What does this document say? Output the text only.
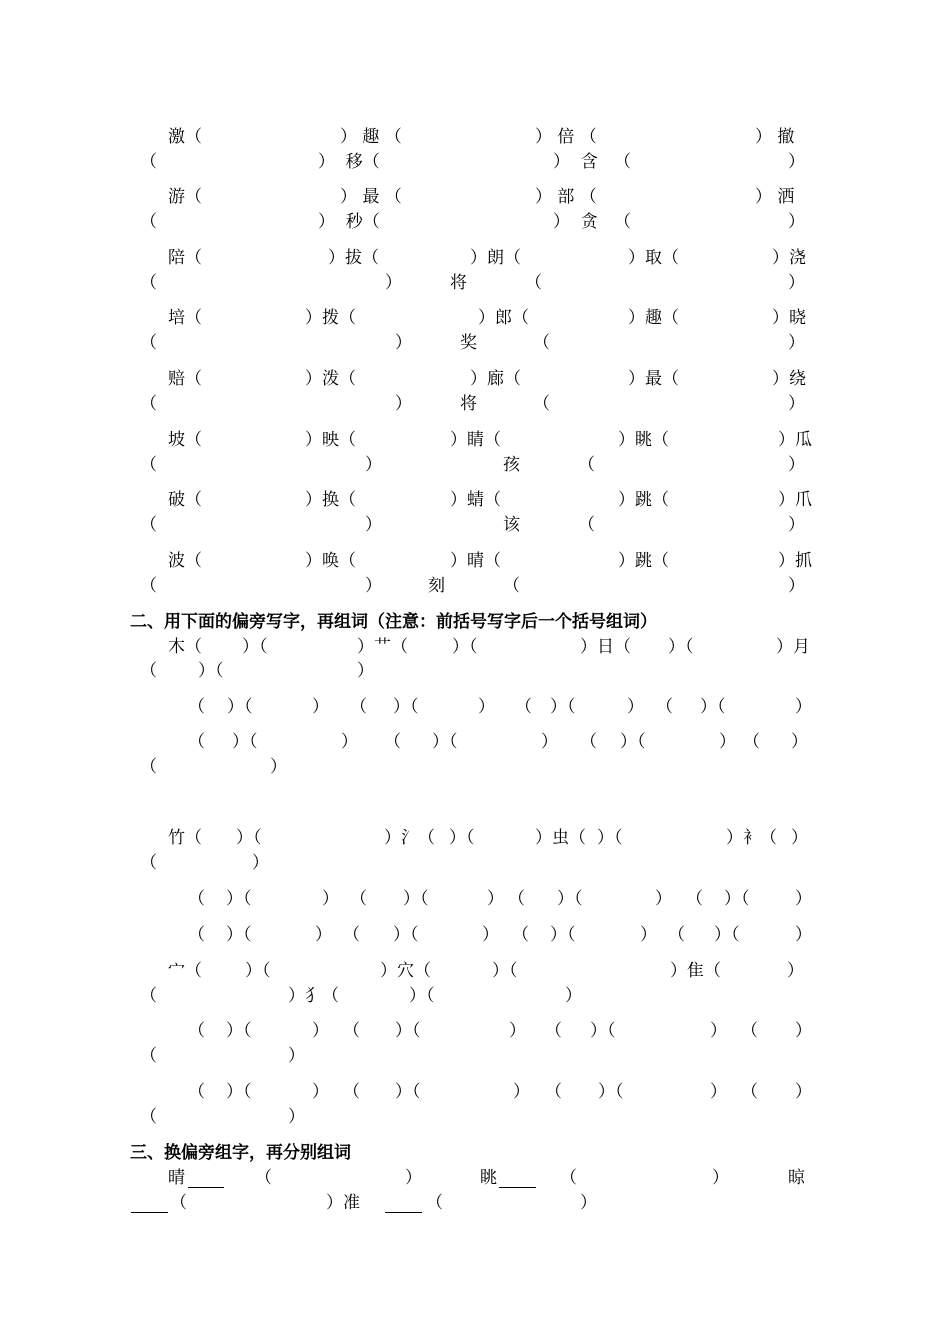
激（	） 趣 （	） 倍 （	） 撤
（	）  移（	）  含   （	）
游（	） 最 （	） 部 （	） 洒
（	）  秒（	）  贪   （	）
陪（	）拔（	）朗（	）取（	）浇
（	）	将	（	）
培（	）拨（	）郎（	）趣（	）晓
（	）	奖	（	）
赔（	）泼（	）廊（	）最（	）绕
（	）	将	（	）
坡（	）映（	）睛（	）眺（	）瓜
（	）	孩	（	）
破（	）换（	）蜻（	）跳（	）爪
（	）	该	（	）
波（	）唤（	）晴（	）跳（	）抓
（	）	刻	（	）
二、用下面的偏旁写字，再组词（注意：前括号写字后一个括号组词）
木（ ）（	）艹（	）（	）日（ ）（	）月
（ ）（	）
（ ）（	） （ ）（	） （ ）（	） （ ）（	）
（ ）（	） （ ）（	） （ ）（	） （ ）
（	）
竹（ ）（	）氵（ ）（	）虫（ ）（	）衤（ ）
（	）
（ ）（	） （ ）（	） （ ）（	） （ ）（	）
（ ）（	） （ ）（	） （ ）（	） （ ）（	）
宀（	）（	）穴（	）（	）隹（	）
（	）犭（	）（	）
（ ）（	） （ ）（	） （ ）（	） （ ）
（	）
（ ）（	） （ ）（	） （ ）（	） （ ）
（	）
三、换偏旁组字，再分别组词
晴	（	）	眺	（	）	晾
（	）准	（	）
